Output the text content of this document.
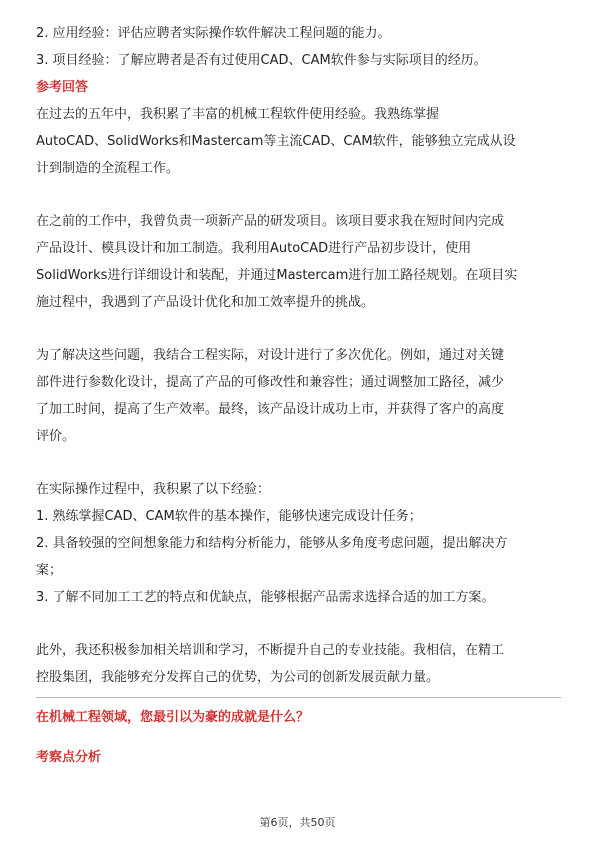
2. 应用经验：评估应聘者实际操作软件解决工程问题的能力。

3. 项目经验：了解应聘者是否有过使用CAD、CAM软件参与实际项目的经历。

参考回答

在过去的五年中，我积累了丰富的机械工程软件使用经验。我熟练掌握

AutoCAD、SolidWorks和Mastercam等主流CAD、CAM软件，能够独立完成从设

计到制造的全流程工作。

在之前的工作中，我曾负责一项新产品的研发项目。该项目要求我在短时间内完成

产品设计、模具设计和加工制造。我利用AutoCAD进行产品初步设计，使用

SolidWorks进行详细设计和装配，并通过Mastercam进行加工路径规划。在项目实

施过程中，我遇到了产品设计优化和加工效率提升的挑战。

为了解决这些问题，我结合工程实际，对设计进行了多次优化。例如，通过对关键

部件进行参数化设计，提高了产品的可修改性和兼容性；通过调整加工路径，减少

了加工时间，提高了生产效率。最终，该产品设计成功上市，并获得了客户的高度

评价。

在实际操作过程中，我积累了以下经验：

1. 熟练掌握CAD、CAM软件的基本操作，能够快速完成设计任务；

2. 具备较强的空间想象能力和结构分析能力，能够从多角度考虑问题，提出解决方

案；

3. 了解不同加工工艺的特点和优缺点，能够根据产品需求选择合适的加工方案。

此外，我还积极参加相关培训和学习，不断提升自己的专业技能。我相信，在精工

控股集团，我能够充分发挥自己的优势，为公司的创新发展贡献力量。

在机械工程领域，您最引以为豪的成就是什么？

考察点分析

第6页，共50页
